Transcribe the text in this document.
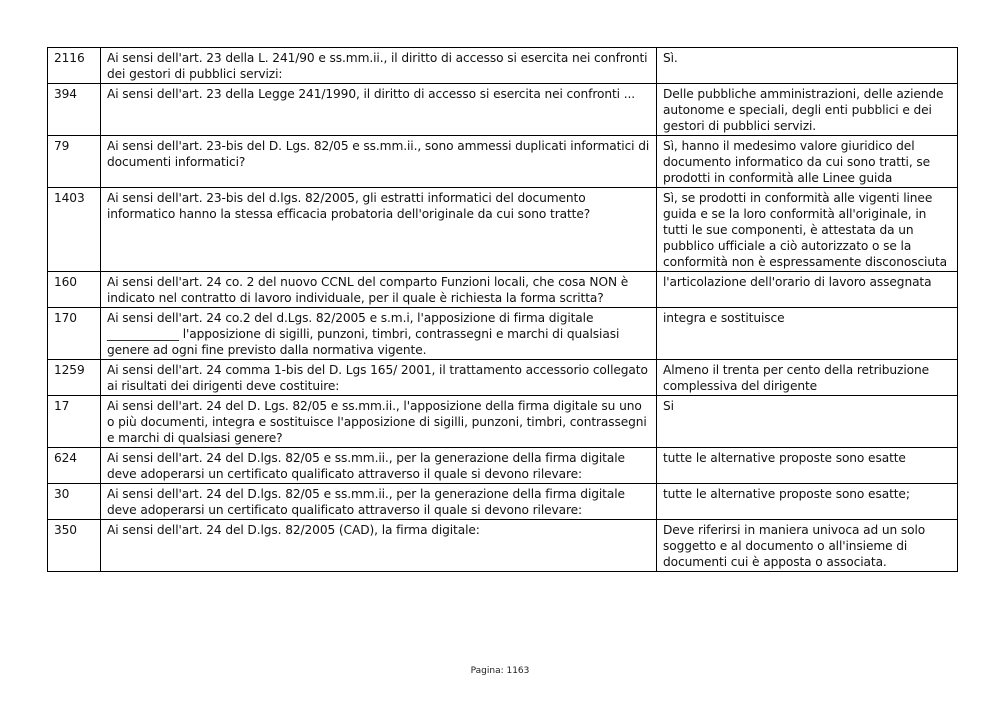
2116	Ai sensi dell'art. 23 della L. 241/90 e ss.mm.ii., il diritto di accesso si esercita nei confronti dei gestori di pubblici servizi:	Sì.
394	Ai sensi dell'art. 23 della Legge 241/1990, il diritto di accesso si esercita nei confronti ...	Delle pubbliche amministrazioni, delle aziende autonome e speciali, degli enti pubblici e dei gestori di pubblici servizi.
79	Ai sensi dell'art. 23-bis del D. Lgs. 82/05 e ss.mm.ii., sono ammessi duplicati informatici di documenti informatici?	Sì, hanno il medesimo valore giuridico del documento informatico da cui sono tratti, se prodotti in conformità alle Linee guida
1403	Ai sensi dell'art. 23-bis del d.lgs. 82/2005, gli estratti informatici del documento informatico hanno la stessa efficacia probatoria dell'originale da cui sono tratte?	Sì, se prodotti in conformità alle vigenti linee guida e se la loro conformità all'originale, in tutti le sue componenti, è attestata da un pubblico ufficiale a ciò autorizzato o se la conformità non è espressamente disconosciuta
160	Ai sensi dell'art. 24 co. 2 del nuovo CCNL del comparto Funzioni locali, che cosa NON è indicato nel contratto di lavoro individuale, per il quale è richiesta la forma scritta?	l'articolazione dell'orario di lavoro assegnata
170	Ai sensi dell'art. 24 co.2 del d.Lgs. 82/2005 e s.m.i, l'apposizione di firma digitale ____________ l'apposizione di sigilli, punzoni, timbri, contrassegni e marchi di qualsiasi genere ad ogni fine previsto dalla normativa vigente.	integra e sostituisce
1259	Ai sensi dell'art. 24 comma 1-bis del D. Lgs 165/ 2001, il trattamento accessorio collegato ai risultati dei dirigenti deve costituire:	Almeno il trenta per cento della retribuzione complessiva del dirigente
17	Ai sensi dell'art. 24 del D. Lgs. 82/05 e ss.mm.ii., l'apposizione della firma digitale su uno o più documenti, integra e sostituisce l'apposizione di sigilli, punzoni, timbri, contrassegni e marchi di qualsiasi genere?	Si
624	Ai sensi dell'art. 24 del D.lgs. 82/05 e ss.mm.ii., per la generazione della firma digitale deve adoperarsi un certificato qualificato attraverso il quale si devono rilevare:	tutte le alternative proposte sono esatte
30	Ai sensi dell'art. 24 del D.lgs. 82/05 e ss.mm.ii., per la generazione della firma digitale deve adoperarsi un certificato qualificato attraverso il quale si devono rilevare:	tutte le alternative proposte sono esatte;
350	Ai sensi dell'art. 24 del D.lgs. 82/2005 (CAD), la firma digitale:	Deve riferirsi in maniera univoca ad un solo soggetto e al documento o all'insieme di documenti cui è apposta o associata.
Pagina: 1163
